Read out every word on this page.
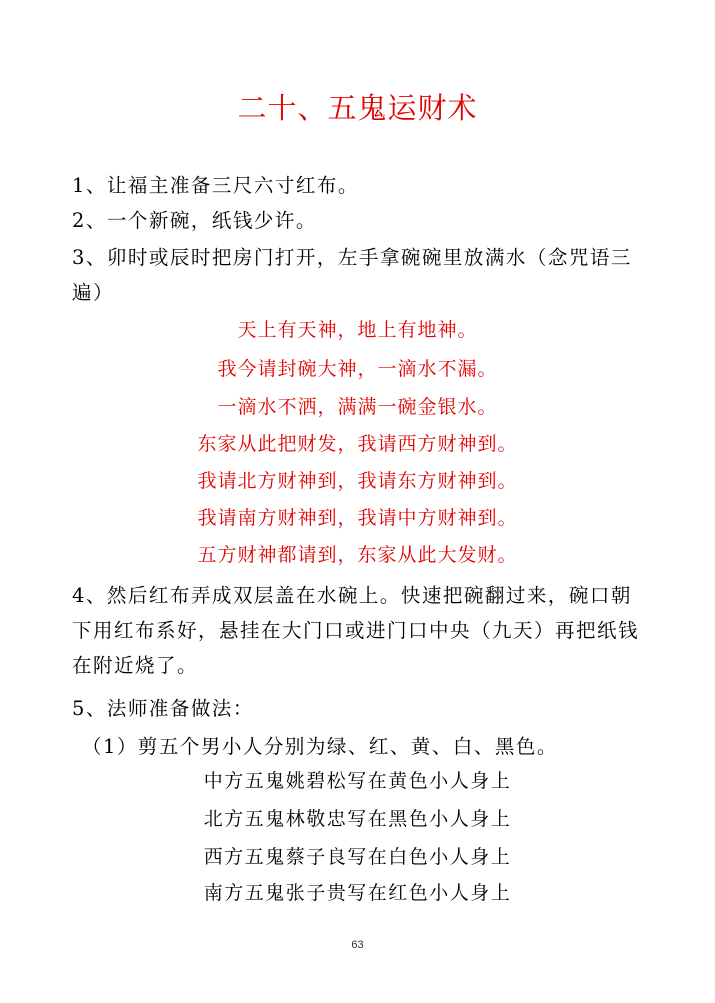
二十、五鬼运财术

1、让福主准备三尺六寸红布。

2、一个新碗，纸钱少许。

3、卯时或辰时把房门打开，左手拿碗碗里放满水（念咒语三遍）

天上有天神，地上有地神。
我今请封碗大神，一滴水不漏。
一滴水不洒，满满一碗金银水。
东家从此把财发，我请西方财神到。
我请北方财神到，我请东方财神到。
我请南方财神到，我请中方财神到。
五方财神都请到，东家从此大发财。

4、然后红布弄成双层盖在水碗上。快速把碗翻过来，碗口朝下用红布系好，悬挂在大门口或进门口中央（九天）再把纸钱在附近烧了。

5、法师准备做法：

（1）剪五个男小人分别为绿、红、黄、白、黑色。
中方五鬼姚碧松写在黄色小人身上
北方五鬼林敬忠写在黑色小人身上
西方五鬼蔡子良写在白色小人身上
南方五鬼张子贵写在红色小人身上
63
